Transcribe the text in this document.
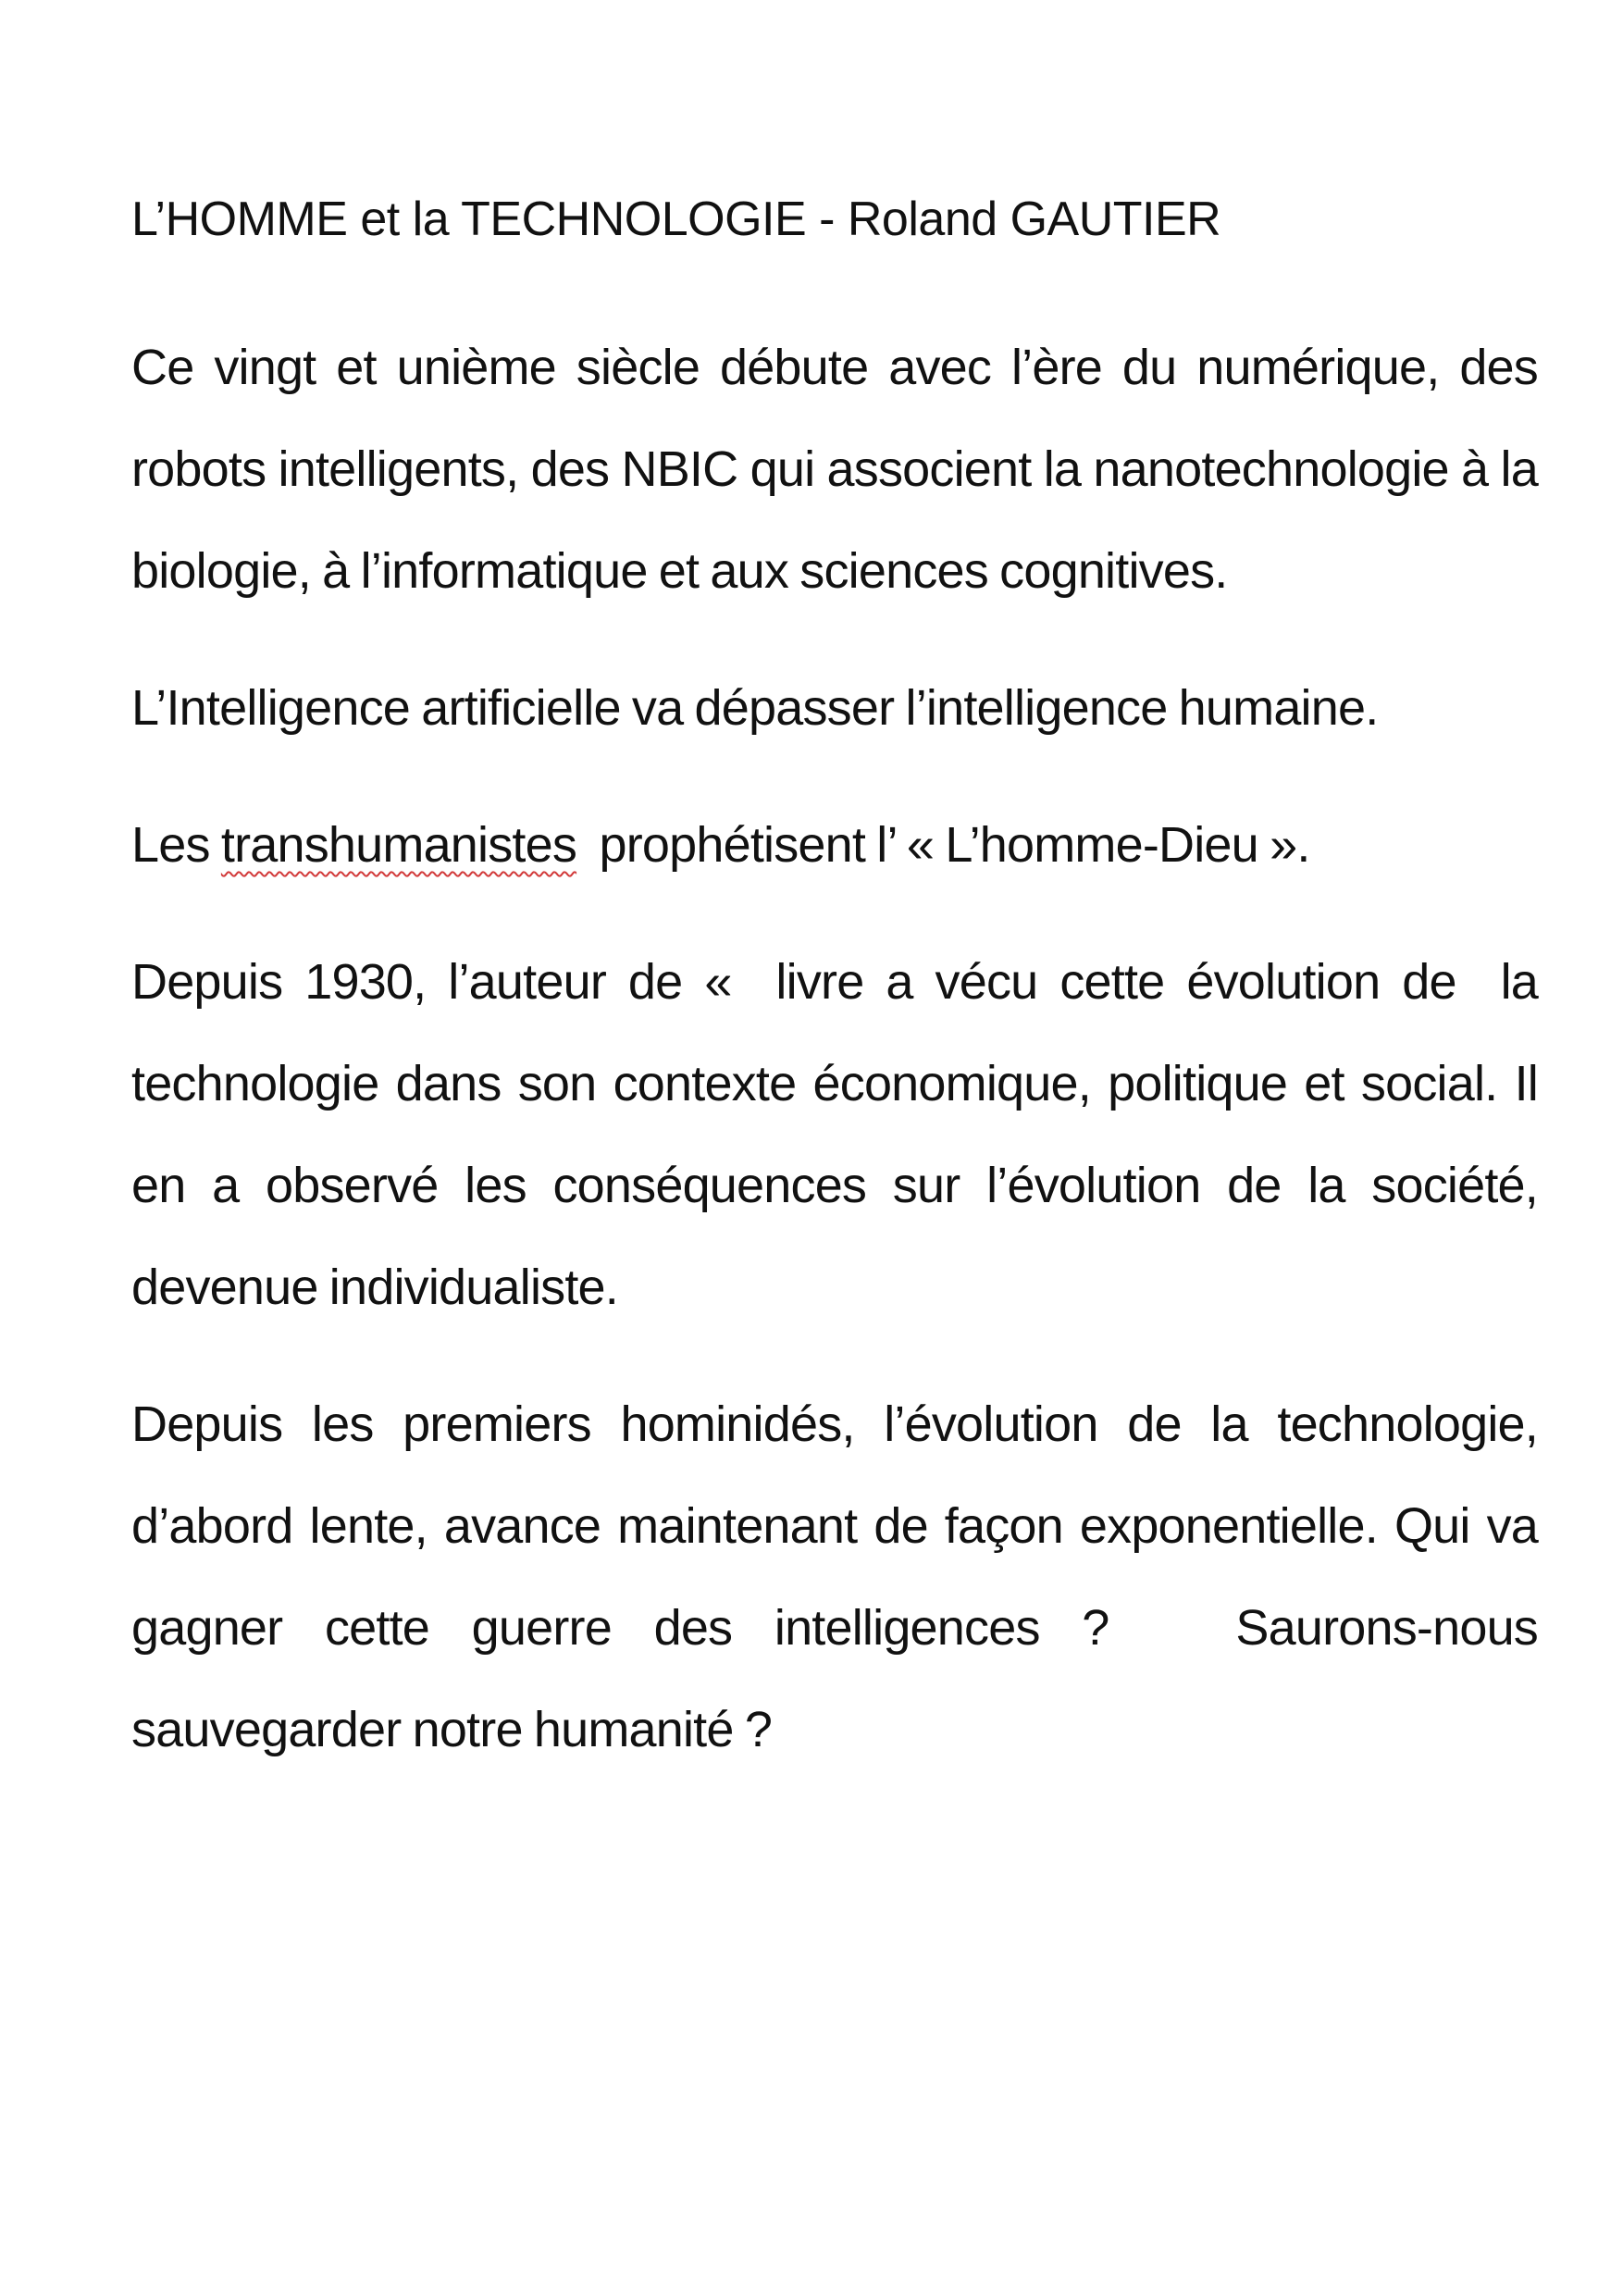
L’HOMME et la TECHNOLOGIE - Roland GAUTIER

Ce vingt et unième siècle débute avec l’ère du numérique, des robots intelligents, des NBIC qui associent la nanotechnologie à la biologie, à l’informatique et aux sciences cognitives.

L’Intelligence artificielle va dépasser l’intelligence humaine.

Les transhumanistes  prophétisent l’ « L’homme-Dieu ».

Depuis 1930, l’auteur de «  livre a vécu cette évolution de  la technologie dans son contexte économique, politique et social. Il en a observé les conséquences sur l’évolution de la société, devenue individualiste.

Depuis les premiers hominidés, l’évolution de la technologie, d’abord lente, avance maintenant de façon exponentielle. Qui va gagner cette guerre des intelligences ?   Saurons-nous sauvegarder notre humanité ?
